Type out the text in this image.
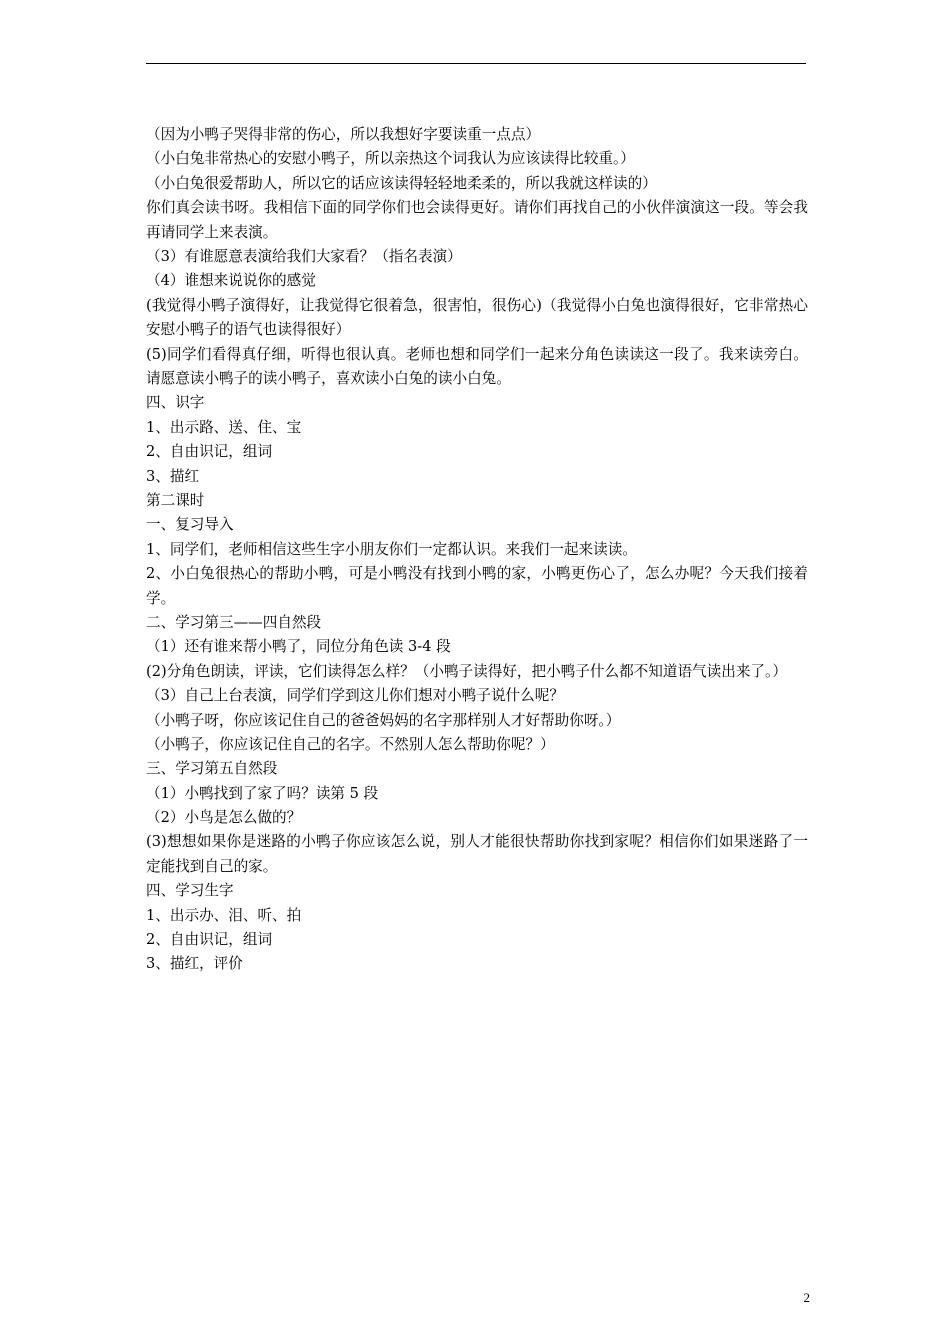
（因为小鸭子哭得非常的伤心，所以我想好字要读重一点点）
（小白兔非常热心的安慰小鸭子，所以亲热这个词我认为应该读得比较重。）
（小白兔很爱帮助人，所以它的话应该读得轻轻地柔柔的，所以我就这样读的）
你们真会读书呀。我相信下面的同学你们也会读得更好。请你们再找自己的小伙伴演演这一段。等会我再请同学上来表演。
（3）有谁愿意表演给我们大家看？（指名表演）
（4）谁想来说说你的感觉
(我觉得小鸭子演得好，让我觉得它很着急，很害怕，很伤心)（我觉得小白兔也演得很好，它非常热心安慰小鸭子的语气也读得很好）
(5)同学们看得真仔细，听得也很认真。老师也想和同学们一起来分角色读读这一段了。我来读旁白。请愿意读小鸭子的读小鸭子，喜欢读小白兔的读小白兔。
四、识字
1、出示路、送、住、宝
2、自由识记，组词
3、描红
第二课时
一、复习导入
1、同学们，老师相信这些生字小朋友你们一定都认识。来我们一起来读读。
2、小白兔很热心的帮助小鸭，可是小鸭没有找到小鸭的家，小鸭更伤心了，怎么办呢？今天我们接着学。
二、学习第三——四自然段
（1）还有谁来帮小鸭了，同位分角色读 3-4 段
(2)分角色朗读，评读，它们读得怎么样？（小鸭子读得好，把小鸭子什么都不知道语气读出来了。）
（3）自己上台表演，同学们学到这儿你们想对小鸭子说什么呢？
（小鸭子呀，你应该记住自己的爸爸妈妈的名字那样别人才好帮助你呀。）
（小鸭子，你应该记住自己的名字。不然别人怎么帮助你呢？）
三、学习第五自然段
（1）小鸭找到了家了吗？读第 5 段
（2）小鸟是怎么做的？
(3)想想如果你是迷路的小鸭子你应该怎么说，别人才能很快帮助你找到家呢？相信你们如果迷路了一定能找到自己的家。
四、学习生字
1、出示办、泪、听、拍
2、自由识记，组词
3、描红，评价
2
